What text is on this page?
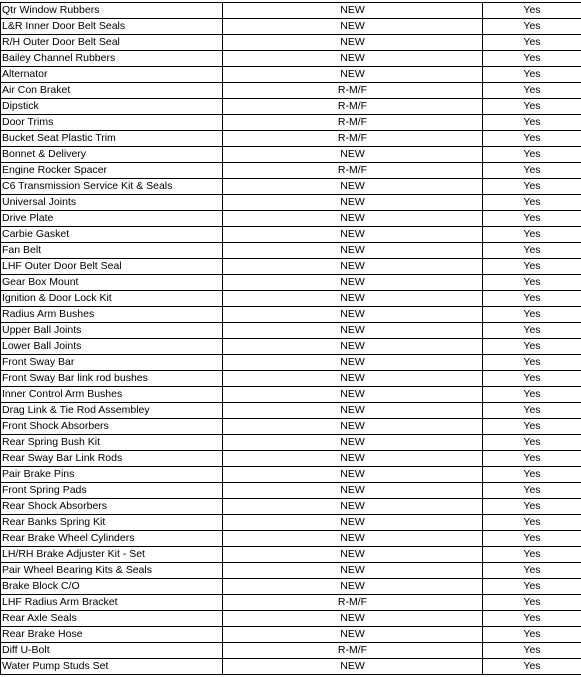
Qtr Window Rubbers	NEW	Yes
L&R Inner Door Belt Seals	NEW	Yes
R/H Outer Door Belt Seal	NEW	Yes
Bailey Channel Rubbers	NEW	Yes
Alternator	NEW	Yes
Air Con Braket	R-M/F	Yes
Dipstick	R-M/F	Yes
Door Trims	R-M/F	Yes
Bucket Seat Plastic Trim	R-M/F	Yes
Bonnet & Delivery	NEW	Yes
Engine Rocker Spacer	R-M/F	Yes
C6 Transmission Service Kit & Seals	NEW	Yes
Universal Joints	NEW	Yes
Drive Plate	NEW	Yes
Carbie Gasket	NEW	Yes
Fan Belt	NEW	Yes
LHF Outer Door Belt Seal	NEW	Yes
Gear Box Mount	NEW	Yes
Ignition & Door Lock Kit	NEW	Yes
Radius Arm Bushes	NEW	Yes
Upper Ball Joints	NEW	Yes
Lower Ball Joints	NEW	Yes
Front Sway Bar	NEW	Yes
Front Sway Bar link rod bushes	NEW	Yes
Inner Control Arm Bushes	NEW	Yes
Drag Link & Tie Rod Assembley	NEW	Yes
Front Shock Absorbers	NEW	Yes
Rear Spring Bush Kit	NEW	Yes
Rear Sway Bar Link Rods	NEW	Yes
Pair Brake Pins	NEW	Yes
Front Spring Pads	NEW	Yes
Rear Shock Absorbers	NEW	Yes
Rear Banks Spring Kit	NEW	Yes
Rear Brake Wheel Cylinders	NEW	Yes
LH/RH Brake Adjuster Kit - Set	NEW	Yes
Pair Wheel Bearing Kits & Seals	NEW	Yes
Brake Block C/O	NEW	Yes
LHF Radius Arm Bracket	R-M/F	Yes
Rear Axle Seals	NEW	Yes
Rear Brake Hose	NEW	Yes
Diff U-Bolt	R-M/F	Yes
Water Pump Studs Set	NEW	Yes
